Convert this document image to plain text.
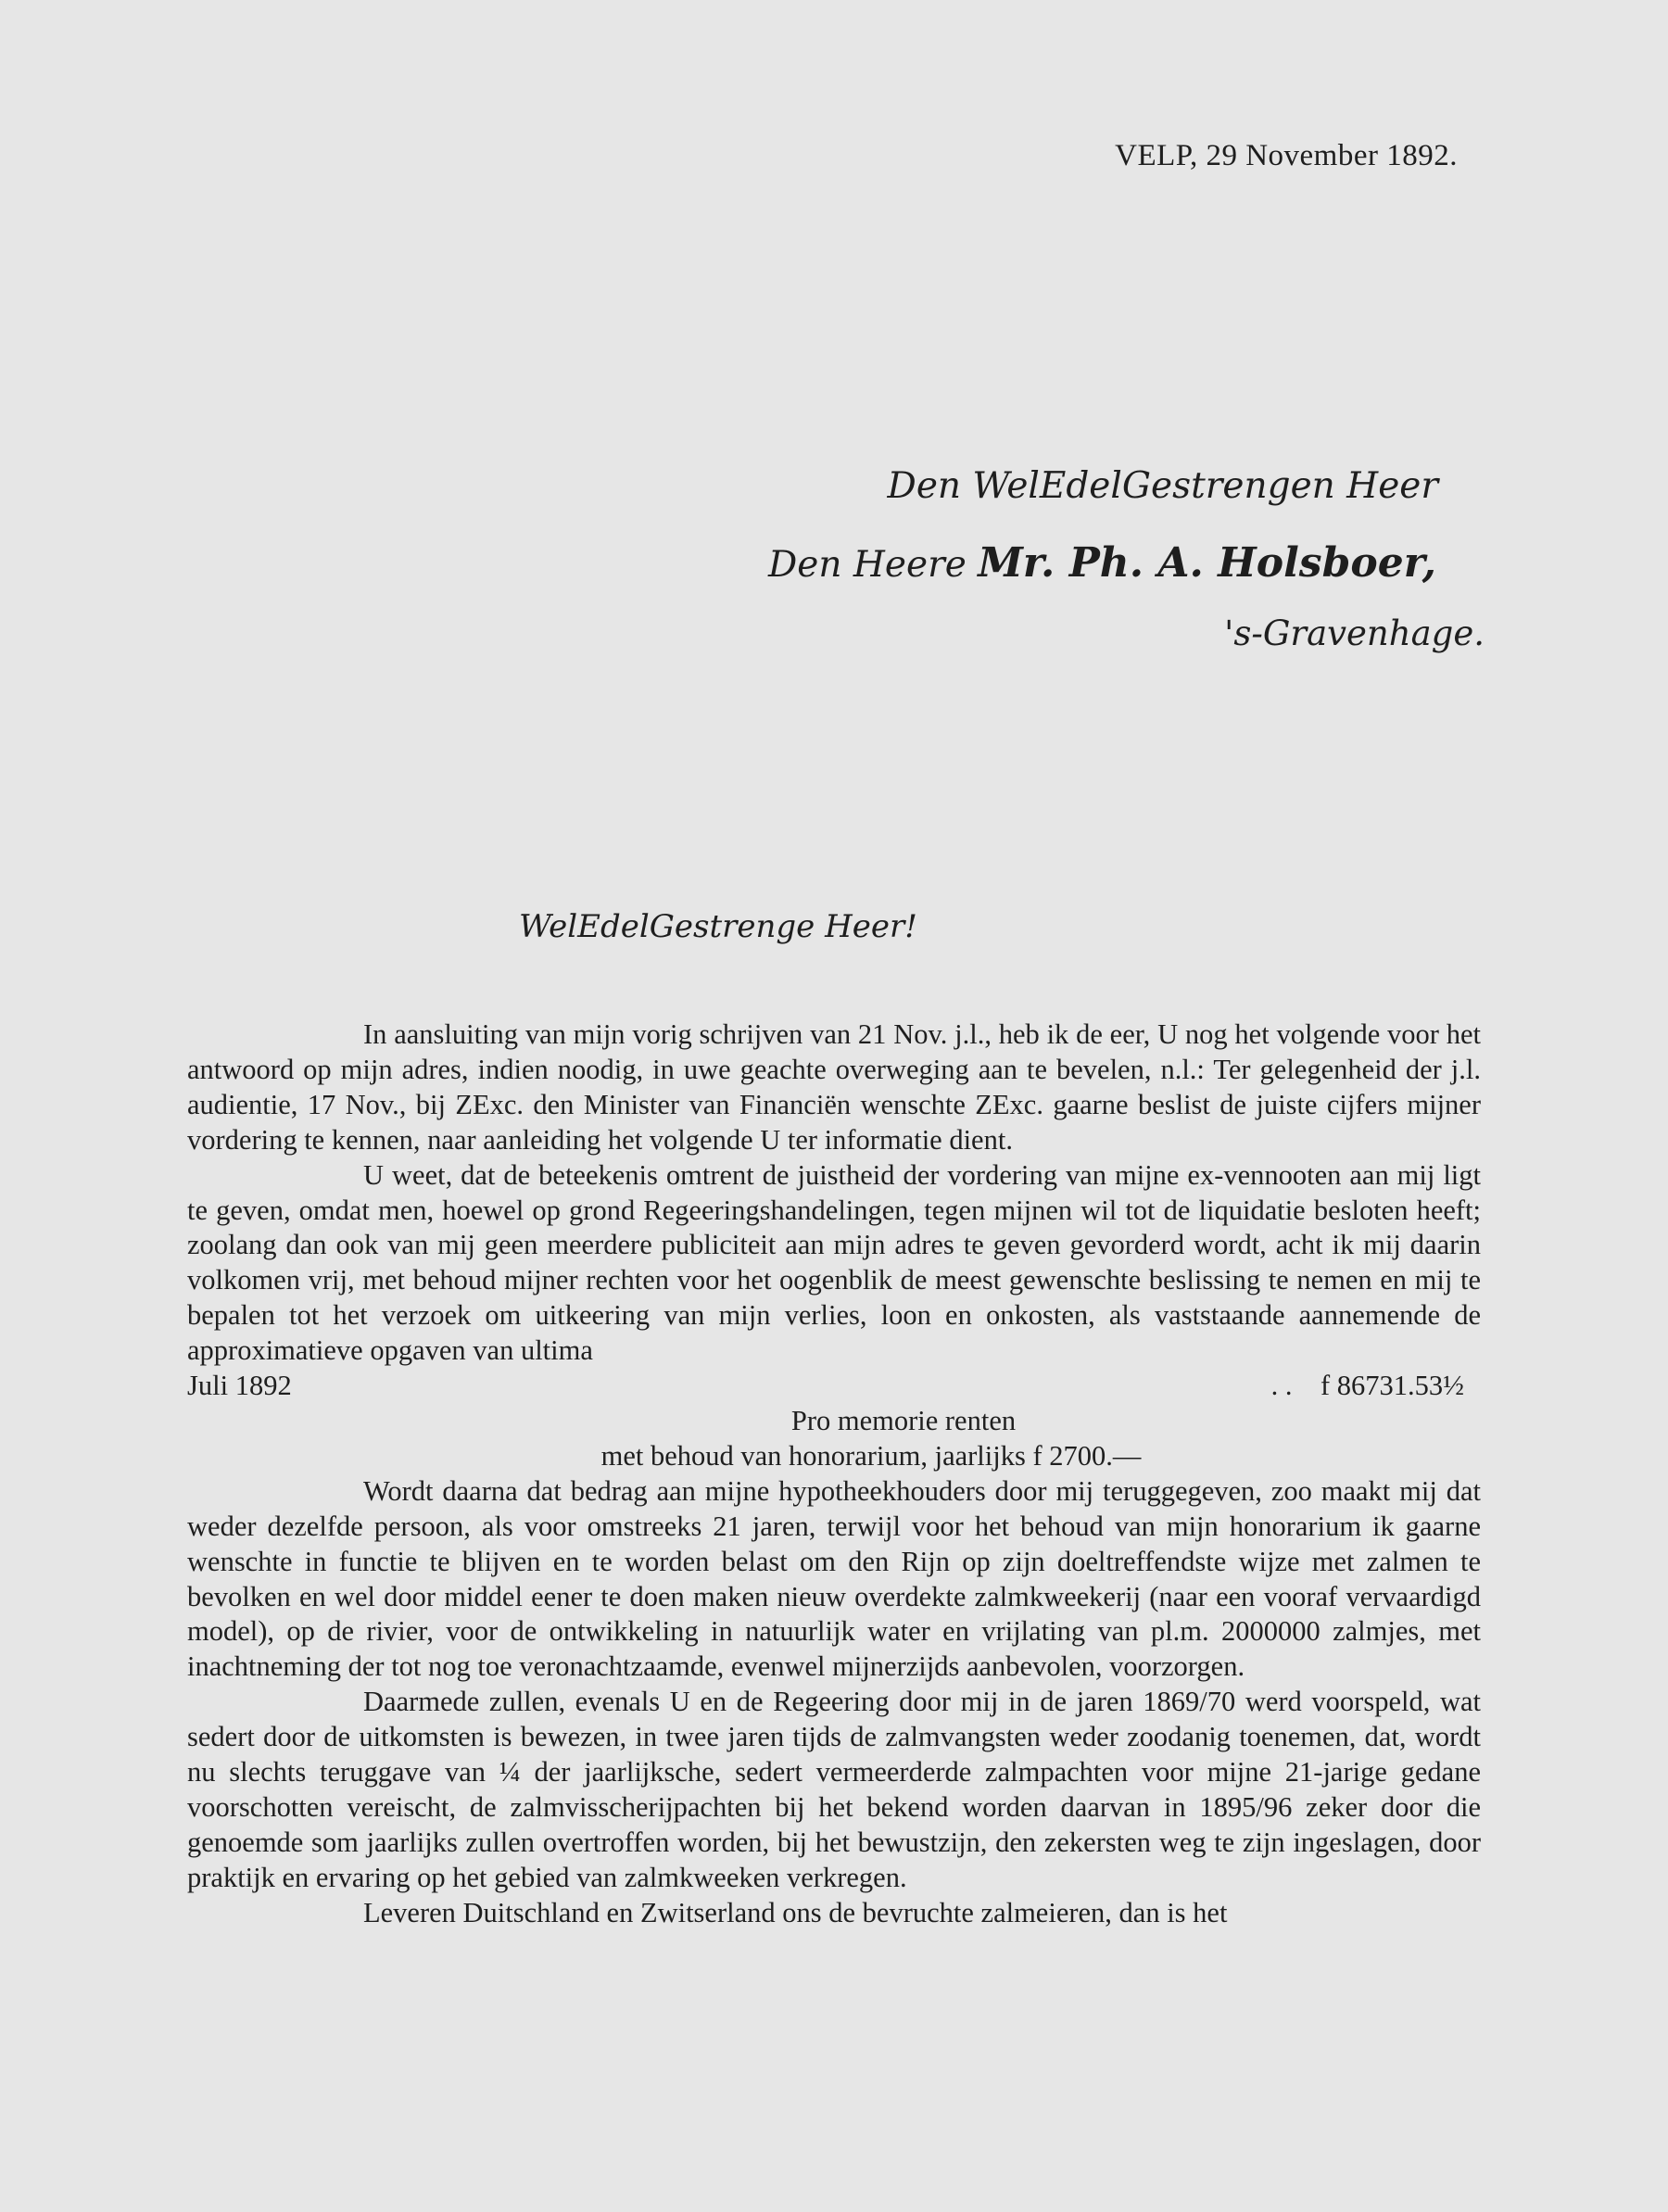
VELP, 29 November 1892.
Den WelEdelGestrengen Heer
Den Heere Mr. Ph. A. Holsboer,
's-Gravenhage.
WelEdelGestrenge Heer!

In aansluiting van mijn vorig schrijven van 21 Nov. j.l., heb ik de eer, U nog het volgende voor het antwoord op mijn adres, indien noodig, in uwe geachte overweging aan te bevelen, n.l.: Ter gelegenheid der j.l. audientie, 17 Nov., bij ZExc. den Minister van Financiën wenschte ZExc. gaarne beslist de juiste cijfers mijner vordering te kennen, naar aanleiding het volgende U ter informatie dient.

U weet, dat de beteekenis omtrent de juistheid der vordering van mijne ex-vennooten aan mij ligt te geven, omdat men, hoewel op grond Regeeringshandelingen, tegen mijnen wil tot de liquidatie besloten heeft; zoolang dan ook van mij geen meerdere publiciteit aan mijn adres te geven gevorderd wordt, acht ik mij daarin volkomen vrij, met behoud mijner rechten voor het oogenblik de meest gewenschte beslissing te nemen en mij te bepalen tot het verzoek om uitkeering van mijn verlies, loon en onkosten, als vaststaande aannemende de approximatieve opgaven van ultima

Juli 1892	. . f 86731.53½
Pro memorie renten
met behoud van honorarium, jaarlijks f 2700.—

Wordt daarna dat bedrag aan mijne hypotheekhouders door mij teruggegeven, zoo maakt mij dat weder dezelfde persoon, als voor omstreeks 21 jaren, terwijl voor het behoud van mijn honorarium ik gaarne wenschte in functie te blijven en te worden belast om den Rijn op zijn doeltreffendste wijze met zalmen te bevolken en wel door middel eener te doen maken nieuw overdekte zalmkweekerij (naar een vooraf vervaardigd model), op de rivier, voor de ontwikkeling in natuurlijk water en vrijlating van pl.m. 2000000 zalmjes, met inachtneming der tot nog toe veronachtzaamde, evenwel mijnerzijds aanbevolen, voorzorgen.

Daarmede zullen, evenals U en de Regeering door mij in de jaren 1869/70 werd voorspeld, wat sedert door de uitkomsten is bewezen, in twee jaren tijds de zalmvangsten weder zoodanig toenemen, dat, wordt nu slechts teruggave van ¼ der jaarlijksche, sedert vermeerderde zalmpachten voor mijne 21-jarige gedane voorschotten vereischt, de zalmvisscherijpachten bij het bekend worden daarvan in 1895/96 zeker door die genoemde som jaarlijks zullen overtroffen worden, bij het bewustzijn, den zekersten weg te zijn ingeslagen, door praktijk en ervaring op het gebied van zalmkweeken verkregen.

Leveren Duitschland en Zwitserland ons de bevruchte zalmeieren, dan is het
